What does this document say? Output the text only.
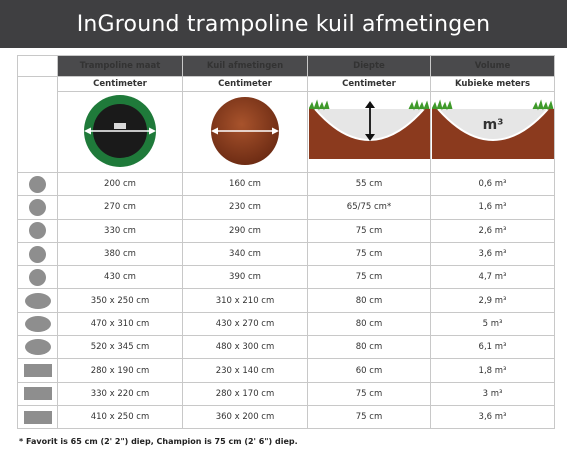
InGround trampoline kuil afmetingen
	Trampoline maat	Kuil afmetingen	Diepte	Volume
	Centimeter	Centimeter	Centimeter	Kubieke meters

m³

	200 cm	160 cm	55 cm	0,6 m³

	270 cm	230 cm	65/75 cm*	1,6 m³

	330 cm	290 cm	75 cm	2,6 m³

	380 cm	340 cm	75 cm	3,6 m³

	430 cm	390 cm	75 cm	4,7 m³

	350 x 250 cm	310 x 210 cm	80 cm	2,9 m³

	470 x 310 cm	430 x 270 cm	80 cm	5 m³

	520 x 345 cm	480 x 300 cm	80 cm	6,1 m³

	280 x 190 cm	230 x 140 cm	60 cm	1,8 m³

	330 x 220 cm	280 x 170 cm	75 cm	3 m³

	410 x 250 cm	360 x 200 cm	75 cm	3,6 m³
* Favorit is 65 cm (2' 2") diep, Champion is 75 cm (2' 6") diep.
